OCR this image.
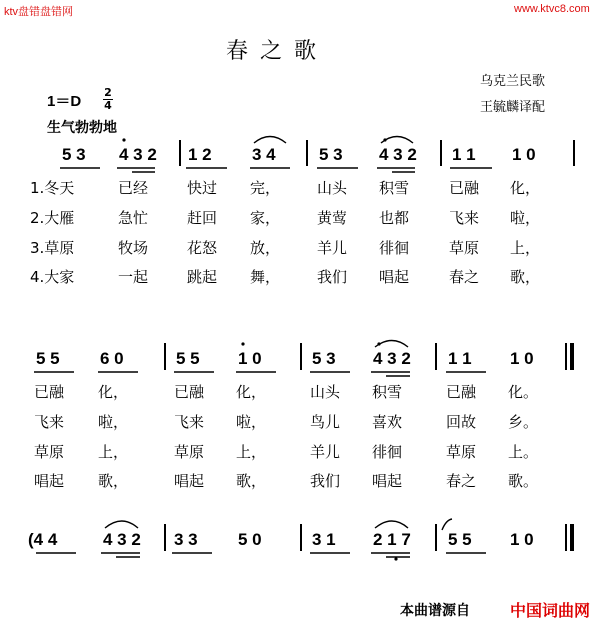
ktv盘错盘错网	www.ktvc8.com
春之歌
乌克兰民歌
王毓麟译配
1＝D
2
4
生气勃勃地
5 3 4 3 2 1 2 3 4	5 3 4 3 2 1 1 1 0
1.冬天	已经	快过 完， 山头 积雪	已融 化，
2.大雁	急忙	赶回 家， 黄莺 也都	飞来 啦，
3.草原	牧场	花怒 放， 羊儿 徘徊	草原 上，
4.大家	一起	跳起 舞， 我们 唱起	春之 歌，
5 5 6 0	5 5 1 0	5 3 4 3 2 1 1 1 0
已融 化，	已融 化，	山头 积雪	已融 化。
飞来 啦，	飞来 啦，	鸟儿 喜欢	回故 乡。
草原 上，	草原 上，	羊儿 徘徊	草原 上。
唱起 歌，	唱起 歌，	我们 唱起	春之 歌。
(4 4	4 3 2 3 3 5 0	3 1 2 1 7 5 5 1 0
本曲谱源自	中国词曲网
